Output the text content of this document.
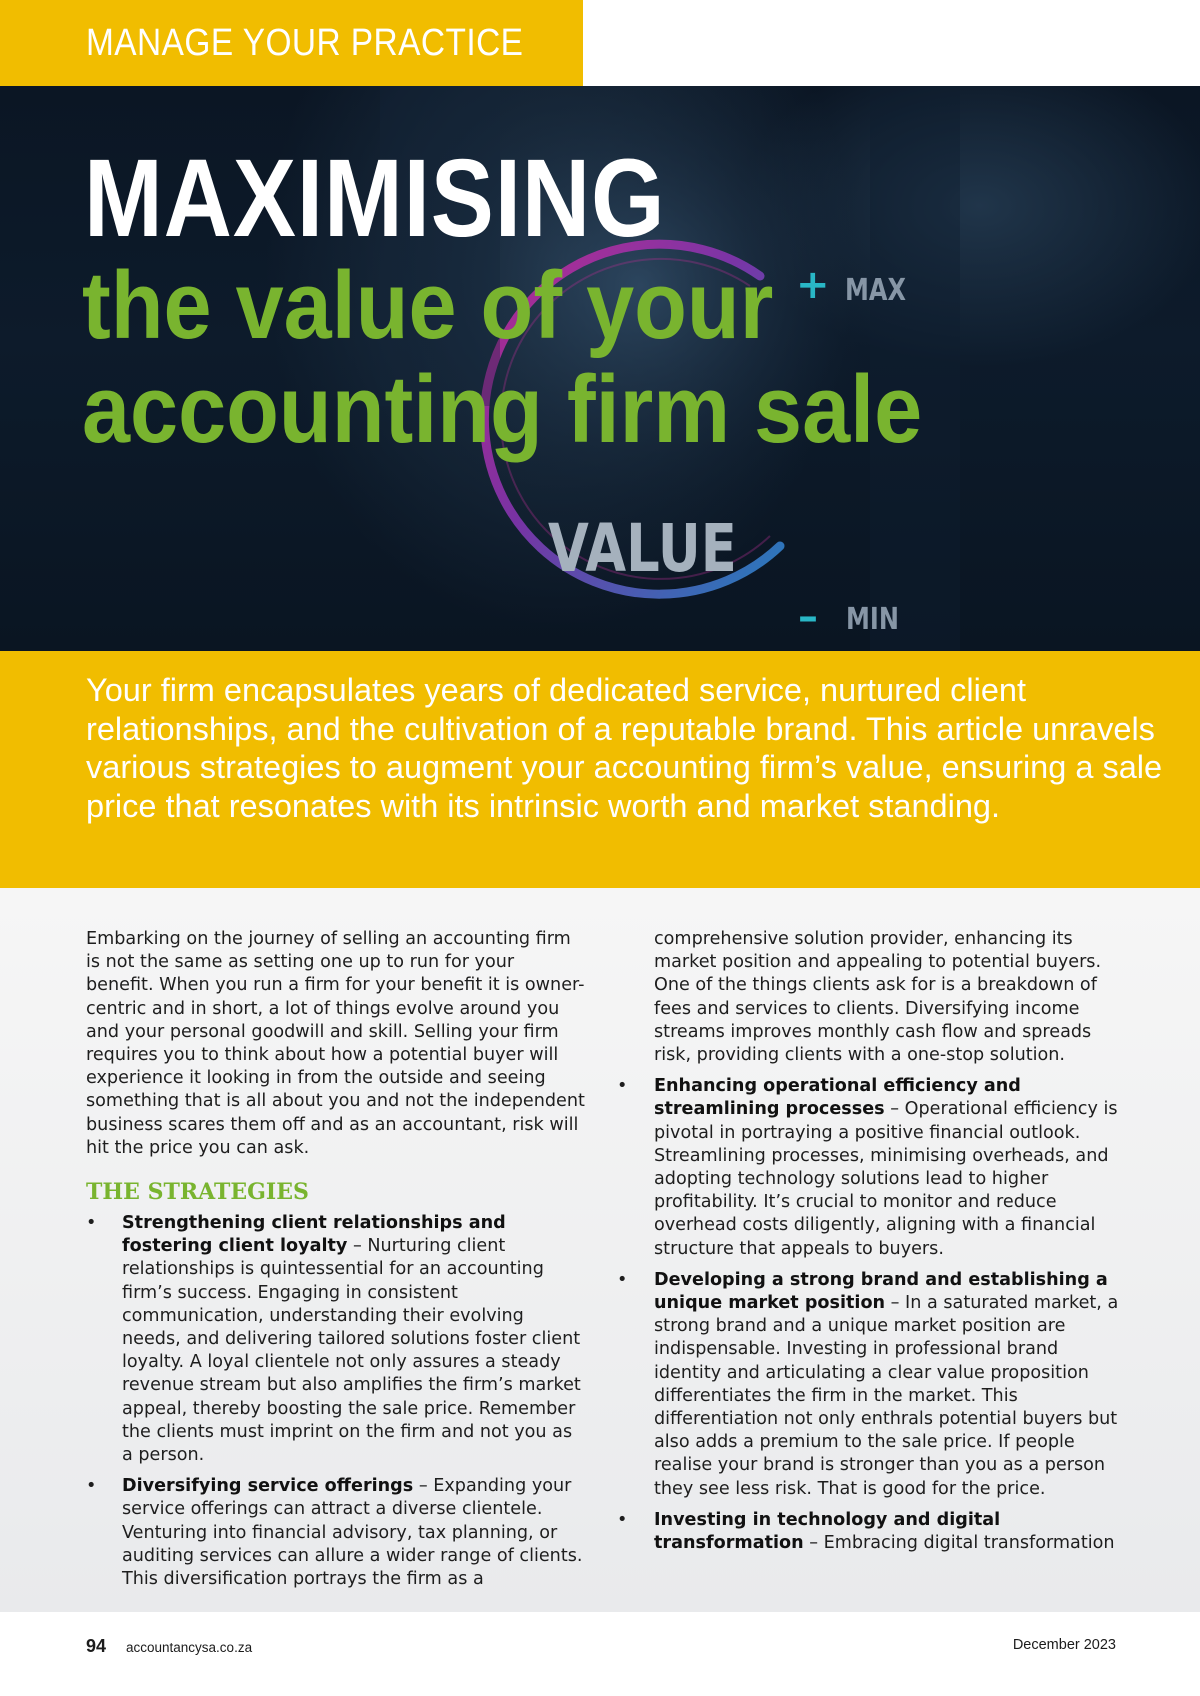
MANAGE YOUR PRACTICE
MAXIMISING
the value of your accounting firm sale
+ MAX
VALUE
– MIN

Your firm encapsulates years of dedicated service, nurtured client relationships, and the cultivation of a reputable brand. This article unravels various strategies to augment your accounting firm’s value, ensuring a sale price that resonates with its intrinsic worth and market standing.

Embarking on the journey of selling an accounting firm is not the same as setting one up to run for your benefit. When you run a firm for your benefit it is owner-centric and in short, a lot of things evolve around you and your personal goodwill and skill. Selling your firm requires you to think about how a potential buyer will experience it looking in from the outside and seeing something that is all about you and not the independent business scares them off and as an accountant, risk will hit the price you can ask.

THE STRATEGIES
• Strengthening client relationships and fostering client loyalty – Nurturing client relationships is quintessential for an accounting firm’s success. Engaging in consistent communication, understanding their evolving needs, and delivering tailored solutions foster client loyalty. A loyal clientele not only assures a steady revenue stream but also amplifies the firm’s market appeal, thereby boosting the sale price. Remember the clients must imprint on the firm and not you as a person.
• Diversifying service offerings – Expanding your service offerings can attract a diverse clientele. Venturing into financial advisory, tax planning, or auditing services can allure a wider range of clients. This diversification portrays the firm as a

comprehensive solution provider, enhancing its market position and appealing to potential buyers. One of the things clients ask for is a breakdown of fees and services to clients. Diversifying income streams improves monthly cash flow and spreads risk, providing clients with a one-stop solution.

• Enhancing operational efficiency and streamlining processes – Operational efficiency is pivotal in portraying a positive financial outlook. Streamlining processes, minimising overheads, and adopting technology solutions lead to higher profitability. It’s crucial to monitor and reduce overhead costs diligently, aligning with a financial structure that appeals to buyers.
• Developing a strong brand and establishing a unique market position – In a saturated market, a strong brand and a unique market position are indispensable. Investing in professional brand identity and articulating a clear value proposition differentiates the firm in the market. This differentiation not only enthrals potential buyers but also adds a premium to the sale price. If people realise your brand is stronger than you as a person they see less risk. That is good for the price.
• Investing in technology and digital transformation – Embracing digital transformation
94 accountancysa.co.za	December 2023
